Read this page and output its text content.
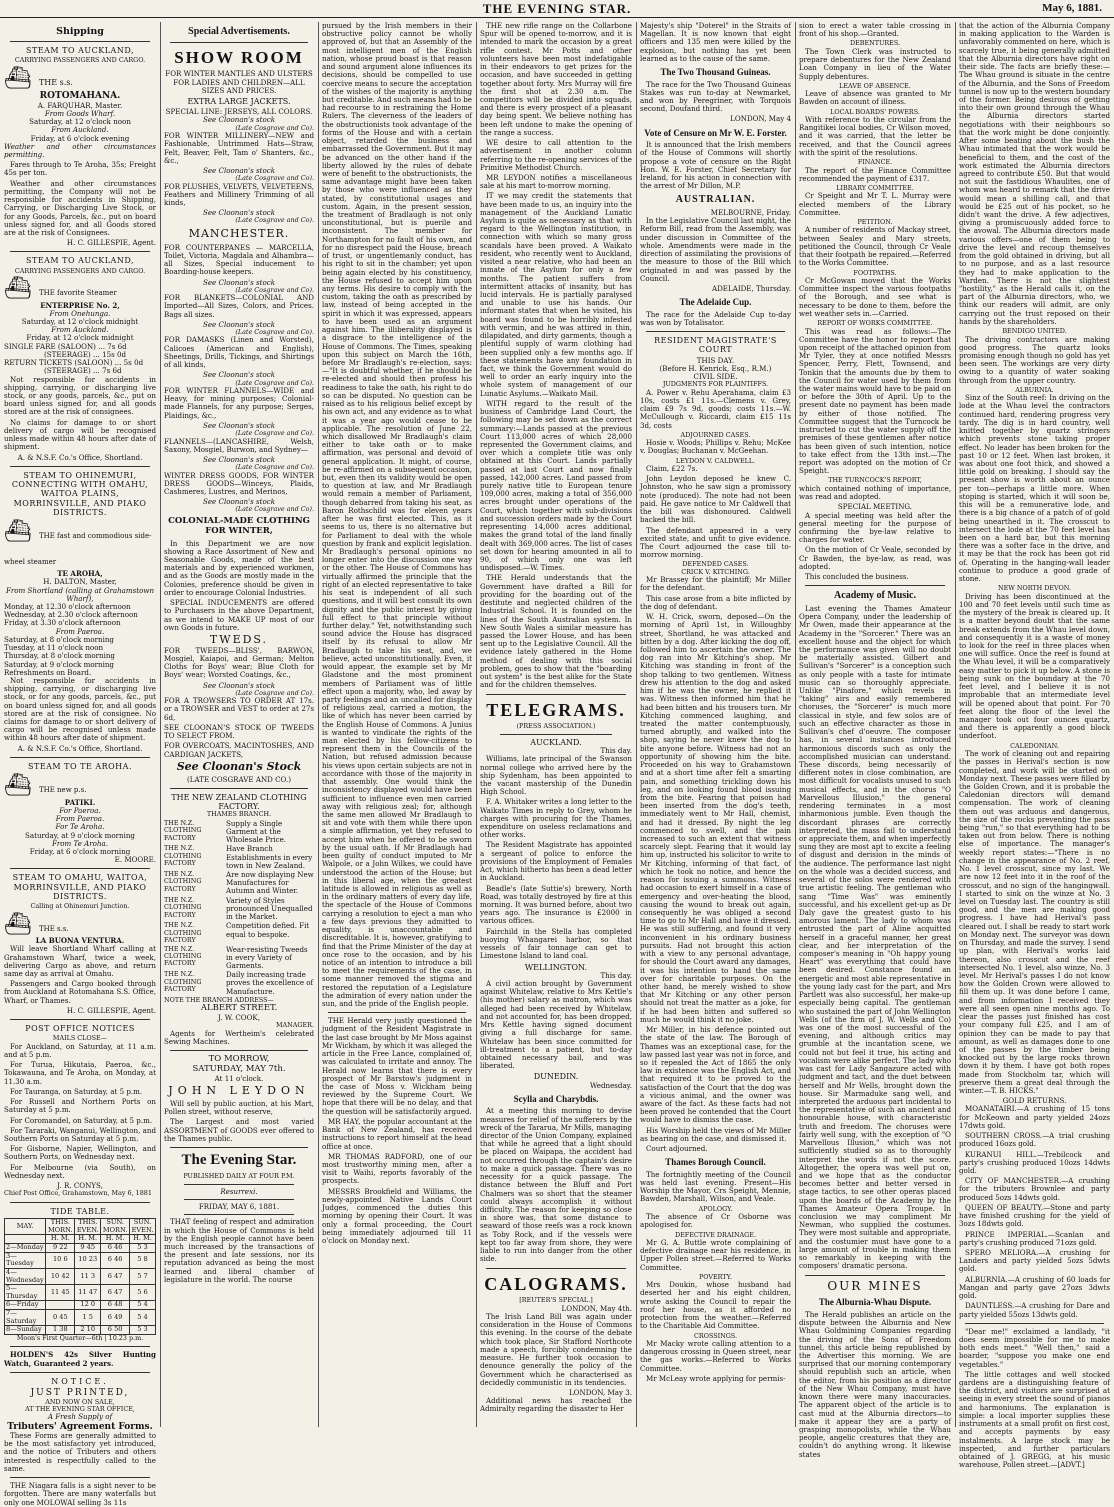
THE EVENING STAR.	May 6, 1881.
Shipping
STEAM TO AUCKLAND,
CARRYING PASSENGERS AND CARGO.
⛴ THE s.s.
ROTOMAHANA.
A. FARQUHAR, Master.
From Goods Wharf.
Saturday, at 12 o'clock noon
From Auckland.
Friday, at 6 o'clock evening

Weather and other circumstances permitting.

Fares through to Te Aroha, 35s; Freight 45s per ton.

Weather and other circumstances permitting, the Company will not be responsible for accidents in Shipping, Carrying, or Discharging Live Stock, or for any Goods, Parcels, &c., put on board unless signed for, and all Goods stored are at the risk of Consignees.

H. C. GILLESPIE, Agent.
STEAM TO AUCKLAND,
CARRYING PASSENGERS AND CARGO.
⛴ THE favorite Steamer
ENTERPRISE No. 2,
From Onehunga.
Saturday, at 12 o'clock midnight
From Auckland.
Friday, at 12 o'clock midnight
SINGLE FARE (SALOON) ... 7s 6d
(STEERAGE) ... 15s 0d
RETURN TICKETS (SALOON) ... 5s 0d
(STEERAGE) ... 7s 6d

Not responsible for accidents in shipping, carrying, or discharging live stock, or any goods, parcels, &c., put on board unless signed for, and all goods stored are at the risk of consignees.

No claims for damage to or short delivery of cargo will be recognised unless made within 48 hours after date of shipment.

A. & N.S.F. Co.'s Office, Shortland.
STEAM TO OHINEMURI, CONNECTING WITH OMAHU, WAITOA PLAINS, MORRINSVILLE, AND PIAKO DISTRICTS.
⛴ THE fast and commodious side-wheel steamer
TE AROHA,
H. DALTON, Master,
From Shortland (calling at Grahamstown Wharf),
Monday, at 12.30 o'clock afternoon
Wednesday, at 2.30 o'clock afternoon
Friday, at 3.30 o'clock afternoon
From Paeroa.
Saturday, at 8 o'clock morning
Tuesday, at 11 o'clock noon
Thursday, at 8 o'clock morning
Saturday, at 9 o'clock morning
Refreshments on Board.

Not responsible for accidents in shipping, carrying, or discharging live stock, or for any goods, parcels, &c., put on board unless signed for, and all goods stored are at the risk of consignee. No claims for damage to or short delivery of cargo will be recognised unless made within 48 hours after date of shipment.

A. & N.S.F. Co.'s Office, Shortland.
STEAM TO TE AROHA.
⛴ THE new p.s.
PATIKI.
For Paeroa.
From Paeroa.
For Te Aroha.
Saturday, at 9 o'clock morning
From Te Aroha.
Friday, at 6 o'clock morning
E. MOORE.
STEAM TO OMAHU, WAITOA, MORRINSVILLE, AND PIAKO DISTRICTS.
Calling at Ohinemuri Junction.
⛴ THE s.s.
LA BUONA VENTURA.

Will leave Shortland Wharf calling at Grahamstown Wharf, twice a week, delivering Cargo as above, and return same day as arrival at Omahu.

Passengers and Cargo booked through from Auckland at Rotomahana S.S. Office, Wharf, or Thames.

H. C. GILLESPIE, Agent.
POST OFFICE NOTICES
MAILS CLOSE—

For Auckland, on Saturday, at 11 a.m. and at 5 p.m.

For Turua, Hikutaia, Paeroa, &c., Tokawauna, and Te Aroha, on Monday, at 11.30 a.m.

For Tauranga, on Saturday, at 5 p.m.

For Russell and Northern Ports on Saturday at 5 p.m.

For Coromandel, on Saturday, at 5 p.m.

For Tararaki, Wanganui, Wellington, and Southern Ports on Saturday at 5 p.m.

For Gisborne, Napier, Wellington, and Southern Ports, on Wednesday next.

For Melbourne (via South), on Wednesday next.

J. R. CONYS,
Chief Post Office, Grahamstown, May 6, 1881
TIDE TABLE.
MAY.	THIS. MORN.	THIS. EVEN.	SUN. MORN.	SUN. EVEN.
	H. M.	H. M.	H. M.	H. M.
2—Monday	9 22	9 45	6 46	5 3
3—Tuesday	10 6	10 23	6 46	5 8
4—Wednesday	10 42	11 3	6 47	5 7
5—Thursday	11 45	11 47	6 47	5 6
6—Friday		12 0	6 48	5 4
7—Saturday	0 45	1 5	6 49	5 4
8—Sunday	1 38	2 10	6 50	5 3
Moon's First Quarter—6th | 10.23 p.m.

HOLDEN'S 42s Silver Hunting Watch, Guaranteed 2 years.

NOTICE.
JUST PRINTED,
AND NOW ON SALE,
AT THE EVENING STAR OFFICE,
A Fresh Supply of
Tributers' Agreement Forms.

These Forms are generally admitted to be the most satisfactory yet introduced, and the notice of Tributers and others interested is respectfully called to the same.

THE Niagara falls is a sight never to be forgotten. There are many waterfalls but only one MOLOWAI selling 3s 11s

Special Advertisements.
SHOW ROOM
FOR WINTER MANTLES AND ULSTERS FOR LADIES AND CHILDREN—ALL SIZES AND PRICES.
EXTRA LARGE JACKETS.
SPECIAL LINE: JERSEYS, ALL COLORS.
See Cloonan's stock
(Late Cosgrave and Co).

FOR WINTER MILLINERY—NEW and Fashionable, Untrimmed Hats—Straw, Felt, Beaver, Felt, Tam o' Shanters, &c., &c.,

See Cloonan's stock
(Late Cosgrave and Co).

FOR PLUSHES, VELVETS, VELVETEENS, Feathers and Millinery Trimming of all kinds,

See Cloonan's stock
(Late Cosgrave and Co).
MANCHESTER.

FOR COUNTERPANES — MARCELLA, Toilet, Victoria, Magdala and Alhambra—all Sizes, Special inducement to Boarding-house keepers.

See Cloonan's stock
(Late Cosgrave and Co).

FOR BLANKETS—COLONIAL AND Imported—All Sizes, Colors, and Prices. Bags all sizes.

See Cloonan's stock
(Late Cosgrave and Co).

FOR DAMASKS (Linen and Worsted), Calicoes (American and English), Sheetings, Drills, Tickings, and Shirtings of all kinds,

See Cloonan's stock
(Late Cosgrave and Co).

FOR WINTER FLANNELS—WIDE and Heavy, for mining purposes; Colonial-made Flannels, for any purpose; Serges, Plaidings, &c.,

See Cloonan's stock
(Late Cosgrave and Co).

FLANNELS—(LANCASHIRE, Welsh, Saxony, Mosgiel, Burwon, and Sydney—

See Cloonan's stock
(Late Cosgrave and Co).

WINTER DRESS GOODS, FOR WINTER DRESS GOODS—Winceys, Plaids, Cashmeres, Lustres, and Merinos,

See Cloonan's stock
(Late Cosgrave and Co).
COLONIAL-MADE CLOTHING FOR WINTER,

In this Department we are now showing a Race Assortment of New and Seasonable Goods, made of the best materials and by experienced workmen, and as the Goods are mostly made in the Colonies, preference should be given in order to encourage Colonial Industries.

SPECIAL INDUCEMENTS are offered to Purchasers in the above Department, as we intend to MAKE UP most of our own Goods in future.

TWEDS.

FOR TWEEDS—BLISS', BARWON, Mosgiel, Kaiapoi, and German; Melton Cloths for Boys' wear; Blue Cloth for Boys' wear; Worsted Coatings, &c.,

See Cloonan's stock
(Late Cosgrave and Co).

FOR A TROWSERS TO ORDER AT 17s. or a TROWSER and VEST to order at 27s 6d,

SEE CLOONAN'S STOCK OF TWEEDS TO SELECT FROM.

FOR OVERCOATS, MACINTOSHES, AND CARDIGAN JACKETS,

See Cloonan's Stock
(LATE COSGRAVE AND CO.)
THE NEW ZEALAND CLOTHING FACTORY.
THAMES BRANCH.
THE N.Z. CLOTHING FACTORY
Supply a Single Garment at the Wholesale Price.
THE N.Z. CLOTHING FACTORY
Have Branch Establishments in every town in New Zealand.
THE N.Z. CLOTHING FACTORY
Are now displaying New Manufactures for Autumn and Winter.
THE N.Z. CLOTHING FACTORY
Variety of Styles pronounced Unequalled in the Market.
THE N.Z. CLOTHING FACTORY
Competition defied. Fit equal to bespoke.
THE N.Z. CLOTHING FACTORY
Wear-resisting Tweeds in every Variety of Garments.
THE N.Z. CLOTHING FACTORY
Daily increasing trade proves the excellence of Manufacture.
NOTE THE BRANCH ADDRESS—
ALBERT STREET.
J. W. COOK,
MANAGER.

Agents for Wertheim's celebrated Sewing Machines.

TO MORROW,
SATURDAY, MAY 7th.
At 11 o'clock.
JOHN LEYDON

Will sell by public auction, at his Mart, Pollen street, without reserve,

The Largest and most varied ASSORTMENT of GOODS ever offered to the Thames public.

The Evening Star.
PUBLISHED DAILY AT FOUR P.M.
Resurrexi.
FRIDAY, MAY 6, 1881.

THAT feeling of respect and admiration in which the House of Commons is held by the English people cannot have been much increased by the transactions of the present and late sessions, nor its reputation advanced as being the most learned and liberal chamber of legislature in the world. The course

pursued by the Irish members in their obstructive policy cannot be wholly approved of, but that an Assembly of the most intelligent men of the English nation, whose proud boast is that reason and sound argument alone influences its decisions, should be compelled to use coercive means to secure the acceptation of the wishes of the majority is anything but creditable. And such means had to be had recourse to in restraining the Home Rulers. The cleverness of the leaders of the obstructionists took advantage of the forms of the House and with a certain object, retarded the business and embarrassed the Government. But it may be advanced on the other hand if the liberty allowed by the rules of debate were of benefit to the obstructionists, the same advantage might have been taken by those who were influenced as they stated, by constitutional usages and custom. Again, in the present session, the treatment of Bradlaugh is not only unconstitutional, but is puerile and inconsistent. The member for Northampton for no fault of his own, and for no disrespect paid the House, breach of trust, or ungentlemanly conduct, has his right to sit in the chamber; yet upon being again elected by his constituency, the House refused to accept him upon any terms. His desire to comply with the custom, taking the oath as prescribed by law, instead of being accepted in the spirit in which it was expressed, appears to have been used as an argument against him. The illiberality displayed is a disgrace to the intelligence of the House of Commons. The Times, speaking upon this subject on March the 16th, before Mr Bradlaugh's re-election, says:—"It is doubtful whether, if he should be re-elected and should then profess his readiness to take the oath, his right to do so can be disputed. No question can be raised as to his religious belief except by his own act, and any evidence as to what it was a year ago would cease to be applicable. The resolution of June 22, which disallowed Mr Bradlaugh's claim either to take oath or to make affirmation, was personal and devoid of general application. It might, of course, be re-affirmed on a subsequent occasion, but, even then its validity would be open to question at law, and Mr Bradlaugh would remain a member of Parliament, though debarred from taking his seat, as Baron Rothschild was for eleven years after he was first elected. This, as it seems to us, there is no alternative but for Parliament to deal with the whole question by frank and explicit legislation. Mr Bradlaugh's personal opinions no longer enter into the discussion one way or the other. The House of Commons has virtually affirmed the principle that the right of an elected representative to take his seat is independent of all such questions, and it will best consult its own dignity and the public interest by giving full effect to that principle without further delay." Yet, notwithstanding such sound advice the House has disgraced itself by its refusal to allow Mr Bradlaugh to take his seat, and, we believe, acted unconstitutionally. Even, it would appear, the example set by Mr Gladstone and the most prominent members of Parliament was of little effect upon a majority, who, led away by party feelings and an uncalled for display of religious zeal, carried a motion, the like of which has never been carried by the English House of Commons. A Junius is wanted to vindicate the rights of the man elected by his fellow-citizens to represent them in the Councils of the Nation, but refused admission because his views upon certain subjects are not in accordance with those of the majority in that assembly. One would think the inconsistency displayed would have been sufficient to influence even men carried away with religious zeal; for, although the same men allowed Mr Bradlaugh to sit and vote with them while there upon a simple affirmation, yet they refused to accept him when he offered to be sworn by the usual oath. If Mr Bradlaugh had been guilty of conduct imputed to Mr Walpole, or a John Wilkes, we could have understood the action of the House; but in this liberal age, when the greatest latitude is allowed in religious as well as in the ordinary matters of every day life, the spectacle of the House of Commons carrying a resolution to eject a man who a few days previous they admitted to equality, is unaccountable and discreditable. It is, however, gratifying to find that the Prime Minister of the day at once rose to the occasion, and by his notice of an intention to introduce a bill to meet the requirements of the case, in some manner removed the stigma and restored the reputation of a Legislature the admiration of every nation under the sun, and the pride of the English people.

THE Herald very justly questioned the judgment of the Resident Magistrate in the last case brought by Mr Moss against Mr Wickham, by which it was alleged the article in the Free Lance, complained of, was calculated to irritate and annoy. The Herald now learns that there is every prospect of Mr Barstow's judgment in the case of Moss v. Wickham being reviewed by the Supreme Court. We hope that there will be no delay, and that the question will be satisfactorily argued.

MR HAY, the popular accountant at the Bank of New Zealand, has received instructions to report himself at the head office at once.

MR THOMAS RADFORD, one of our most trustworthy mining men, after a visit to Waihi, reports favorably of the prospects.

MESSRS Brookfield and Williams, the newly-appointed Native Lands Court Judges, commenced the duties this morning by opening their Court. It was only a formal proceeding, the Court being immediately adjourned till 11 o'clock on Monday next.

THE new rifle range on the Collarbone Spur will be opened to-morrow, and it is intended to mark the occasion by a great rifle contest. Mr Potts and other volunteers have been most indefatigable in their endeavors to get prizes for the occasion, and have succeeded in getting together about forty. Mrs Murray will fire the first shot at 2.30 a.m. The competitors will be divided into squads, and there is every prospect of a pleasant day being spent. We believe nothing has been left undone to make the opening of the range a success.

WE desire to call attention to the advertisement in another column referring to the re-opening services of the Primitive Methodist Church.

MR LEYDON notifies a miscellaneous sale at his mart to-morrow morning.

IT we may credit the statements that have been made to us, an inquiry into the management of the Auckland Lunatic Asylum is quite as necessary as that with regard to the Wellington institution, in connection with which so many gross scandals have been proved. A Waikato resident, who recently went to Auckland, visited a near relative, who had been an inmate of the Asylum for only a few months. The patient suffers from intermittent attacks of insanity, but has lucid intervals. He is partially paralysed and unable to use his hands. Our informant states that when he visited, his board was found to be horribly infested with vermin, and he was attired in thin, dilapidated, and dirty garments, though a plentiful supply of warm clothing had been supplied only a few months ago. If these statements have any foundation in fact, we think the Government would do well to order an early inquiry into the whole system of management of our Lunatic Asylums.—Waikato Mail.

WITH regard to the result of the business of Cambridge Land Court, the following may be set down as the correct summary:—Lands passed at the previous Court 113,000 acres of which 28,000 represented the Government claims, and over which a complete title was only obtained at this Court. Lands partially passed at last Court and now finally passed, 142,000 acres. Land passed from purely native title to European tenure 109,000 acres, making a total of 356,000 acres brought under operations of the Court, which together with sub-divisions and succession orders made by the Court representing 14,000 acres additional, makes the grand total of the land finally dealt with 369,000 acres. The list of cases set down for hearing amounted in all to 90, of which only one was left undisposed.—W. Times.

THE Herald understands that the Government have drafted a Bill for providing for the boarding out of the destitute and neglected children of the Industrial School. It is founded on the lines of the South Australian system. In New South Wales a similar measure has passed the Lower House, and has been sent up to the Legislative Council. All the evidence lately gathered in the Home method of dealing with this social problem, goes to show that the "boarding out system" is the best alike for the State and for the children themselves.

TELEGRAMS.
(PRESS ASSOCIATION.)
AUCKLAND.
This day.

Williams, late principal of the Swanson normal college who arrived here by the ship Sydenham, has been appointed to the vacant mastership of the Dunedin High School.

F. A. Whitaker writes a long letter to the Waikato Times in reply to Grey, whom he charges with procuring for the Thames, expenditure on useless reclamations and other works.

The Resident Magistrate has appointed a sergeant of police to enforce the provisions of the Employment of Females Act, which hitherto has been a dead letter in Auckland.

Beadle's (late Suttie's) brewery, North Road, was totally destroyed by fire at this morning. It was burned before, about two years ago. The insurance is £2000 in various offices.

Fairchild in the Stella has completed buoying Whangarei harbor, so that vessels of fair tonnage can get to Limestone Island to land coal.

WELLINGTON.
This day.

A civil action brought by Government against Whitelaw, relative to Mrs Kettle's (his mother) salary as matron, which was alleged had been received by Whitelaw, and not accounted for, has been dropped, Mrs Kettle having signed document giving a full discharge for same. Whitelaw has been since committed for ill-treatment to a patient, but to-day obtained necessary bail, and was liberated.

DUNEDIN.
Wednesday.
Scylla and Charybdis.

At a meeting this morning to devise measures for relief of the sufferers by the wreck of the Tararua, Mr Mills, managing director of the Union Company, explained that while he agreed that a light should be placed on Waipapa, the accident had not occurred through the captain's desire to make a quick passage. There was no necessity for a quick passage. The distance between the Bluff and Port Chalmers was so short that the steamer could always accomplish it without difficulty. The reason for keeping so close in shore was, that some distance to seaward of those reefs was a rock known as Toby Rock, and if the vessels were kept too far away from shore, they were liable to run into danger from the other side.

CALOGRAMS.
[REUTER'S SPECIAL.]
LONDON, May 4th.

The Irish Land Bill was again under consideration in the House of Commons this evening. In the course of the debate which took place, Sir Stafford Northcote made a speech, forcibly condemning the measure. He further took occasion to denounce generally the policy of the Government which he characterised as decidedly communistic in its tendencies.

LONDON, May 3.

Additional news has reached the Admiralty regarding the disaster to Her

Majesty's ship "Doterel" in the Straits of Magellan. It is now known that eight officers and 135 men were killed by the explosion, but nothing has yet been learned as to the cause of the same.

The Two Thousand Guineas.

The race for the Two Thousand Guineas Stakes was run to-day at Newmarket, and won by Peregriner, with Torquois second, Doufand third.

LONDON, May 4
Vote of Censure on Mr W. E. Forster.

It is announced that the Irish members of the House of Commons will shortly propose a vote of censure on the Right Hon. W. E. Forster, Chief Secretary for Ireland, for his action in connection with the arrest of Mr Dillon, M.P.

AUSTRALIAN.
MELBOURNE, Friday.

In the Legislative Council last night, the Reform Bill, read from the Assembly, was under discussion in Committee of the whole. Amendments were made in the direction of assimilating the provisions of the measure to those of the Bill which originated in and was passed by the Council.

ADELAIDE, Thursday.
The Adelaide Cup.

The race for the Adelaide Cup to-day was won by Totalisator.

RESIDENT MAGISTRATE'S COURT
THIS DAY.
(Before H. Kenrick, Esq., R.M.)
CIVIL SIDE.
JUDGMENTS FOR PLAINTIFFS.

A. Power v. Rehu Aperahama, claim £3 10s, costs £1 11s.—Clemens v. Grey, claim £9 7s 9d, goods; costs 11s.—W. McCullough v. Riccardi, claim £15 11s 3d, costs

ADJOURNED CASES.

Hosie v. Woods; Phillips v. Rehu; McKee v. Douglas; Buchanan v. McGeehan.

LEYDON V. CALDWELL.

Claim, £22 7s.

John Leydon deposed he knew C. Johnston, who he saw sign a promissory note (produced). The note had not been paid. He gave notice to Mr Caldwell that the bill was dishonoured. Caldwell backed the bill.

The defendant appeared in a very excited state, and unfit to give evidence. The Court adjourned the case till to-morrow morning.

DEFENDED CASES.
CRICK V. KITCHING.

Mr Brassey for the plaintiff; Mr Miller for the defendant.

This case arose from a bite inflicted by the dog of defendant.

W. H. Crick, sworn, deposed—On the morning of April 1st, in Willoughby street, Shortland, he was attacked and bitten by a dog. After kicking the dog off, followed him to ascertain the owner. The dog ran into Mr Kitching's shop. Mr Kitching was standing in front of the shop talking to two gentlemen. Witness drew his attention to the dog and asked him if he was the owner, he replied it was. Witness then informed him that he had been bitten and his trousers torn. Mr Kitching commenced laughing, and treated the matter contemptuously, turned abruptly, and walked into the shop, saying he never knew the dog to bite anyone before. Witness had not an opportunity of showing him the bite. Proceeded on his way to Grahamstown and at a short time after felt a smarting pain, and something trickling down his leg, and on looking found blood issuing from the bite. Fearing that poison had been inserted from the dog's teeth, immediately went to Mr Hall, chemist, and had it dressed. By night the leg commenced to swell, and the pain increased to such an extent that witness scarcely slept. Fearing that it would lay him up, instructed his solicitor to write to Mr Kitching, informing of that fact, of which he took no notice, and hence the reason for issuing a summons. Witness had occasion to exert himself in a case of emergency and over-heating the blood, causing the wound to break out again, consequently he was obliged a second time to go to Mr Hall and have it dressed. He was still suffering, and found it very inconvenient in his ordinary business pursuits. Had not brought this action with a view to any personal advantage, for should the Court award any damages, it was his intention to hand the same over for charitable purposes. On the other hand, he merely wished to show that Mr Kitching or any other person should not treat the matter as a joke, for if he had been bitten and suffered so much he would think it no joke.

Mr Miller, in his defence pointed out the state of the law. The Borough of Thames was an exceptional case, for the law passed last year was not in force, and so it repealed the Act of 1865 the only law in existence was the English Act, and that required it to be proved to the satisfaction of the Court that the dog was a vicious animal, and the owner was aware of the fact. As these facts had not been proved he contended that the Court would have to dismiss the case.

His Worship held the views of Mr Miller as bearing on the case, and dismissed it.

Court adjourned.

Thames Borough Council.

The fortnightly meeting of the Council was held last evening. Present—His Worship the Mayor, Crs Speight, Mennie, Bawden, Marshall, Wilson, and Veale.

APOLOGY.

The absence of Cr Osborne was apologised for.

DEFECTIVE DRAINAGE.

Mr G. A. Buttle wrote complaining of defective drainage near his residence, in Upper Pollen street.—Referred to Works Committee.

POVERTY.

Mrs Doukin, whose husband had deserted her and his eight children, wrote asking the Council to repair the roof her house, as it afforded no protection from the weather.—Referred to the Charitable Aid Committee.

CROSSINGS.

Mr Macky wrote calling attention to a dangerous crossing in Queen street, near the gas works.—Referred to Works Committee.

Mr McLeay wrote applying for permis-

sion to erect a water table crossing in front of his shop.—Granted.

DEBENTURES.

The Town Clerk was instructed to prepare debentures for the New Zealand Loan Company in lieu of the Water Supply debentures.

LEAVE OF ABSENCE.

Leave of absence was granted to Mr Bawden on account of illness.

LOCAL BOARDS' POWERS.

With reference to the circular from the Rangitikei local bodies, Cr Wilson moved, and it was carried, that the letter be received, and that the Council agrees with the spirit of the resolutions.

FINANCE.

The report of the Finance Committee recommended the payment of £317.

LIBRARY COMMITTEE.

Cr Speight and Mr T. L. Murray were elected members of the Library Committee.

PETITION.

A number of residents of Mackay street, between Sealey and Mary streets, petitioned the Council, through Cr Veale that their footpath be repaired.—Referred to the Works Committee.

FOOTPATHS.

Cr McGowan moved that the Works Committee inspect the various footpaths of the Borough, and see what is necessary to be done to them, before the wet weather sets in.—Carried.

REPORT OF WORKS COMMITTEE.

This was read as follows:—The Committee have the honor to report that upon receipt of the attached opinion from Mr Tyler, they at once notified Messrs Spencer, Perry, Flett, Townsend, and Tonkin that the amounts due by them to the Council for water used by them from the water mains would have to be paid on or before the 30th of April. Up to the present date no payment has been made by either of those notified. The Committee suggest that the Turncock be instructed to cut the water supply off the premises of these gentlemen after notice has been given of such intention, notice to take effect from the 13th inst.—The report was adopted on the motion of Cr Speight.

THE TURNCOCK'S REPORT,

which contained nothing of importance, was read and adopted.

SPECIAL MEETING.

A special meeting was held after the general meeting for the purpose of confirming the bye-law relative to charges for water.

On the motion of Cr Veale, seconded by Cr Bawden, the bye-law, as read, was adopted.

This concluded the business.

Academy of Music.

Last evening the Thames Amateur Opera Company, under the leadership of Mr Owen, made their appearance at the Academy in the "Sorcerer." There was an excellent house and the object for which the performance was given will no doubt be materially assisted. Gilbert and Sullivan's "Sorcerer" is a conception such as only people with a taste for intimate music can so thoroughly appreciate. Unlike "Pinafore," which revels in "taking" airs and easily remembered choruses, the "Sorcerer" is much more classical in style, and few solos are of such an effective character as those in Sullivan's chef d'oeuvre. The composer has, in several instances introduced harmonious discords such as only the accomplished musician can understand. These discords, being necessarily of different notes in close combination, are most difficult for vocalists unused to such musical effects, and in the chorus "O Marvellous Illusion," the general rendering terminates in a most inharmonious jumble. Even though the discordant phrases are correctly interpreted, the mass fail to understand or appreciate them, and when imperfectly sung they are most apt to excite a feeling of disgust and derision in the minds of the audience. The performance last night on the whole was a decided success, and several of the solos were rendered with true artistic feeling. The gentleman who sang "Time Was" was eminently successful, and his excellent get-up as Dr Daly gave the greatest gusto to his amorous lament. The lady to whom was entrusted the part of Aline acquitted herself in a graceful manner, her great clear, and her interpretation of the composer's meaning in "Oh happy young Heart" was everything that could have been desired. Constance found an energetic and most able representative in the young lady cast for the part, and Mrs Partlett was also successful, her make-up especially being capital. The gentleman who sustained the part of John Wellington Wells (of the firm of J. W. Wells and Co) was one of the most successful of the evening, and although critics may grumble at the incantation scene, we could not but feel it true, his acting and vocalism were alike perfect. The lady who was cast for Lady Sangazure acted with judgment and tact, and the duet between herself and Mr Wells, brought down the house. Sir Marmaduke sang well, and interpreted the arduous part incidental to the representative of such an ancient and honourable house, with characteristic truth and freedom. The choruses were fairly well sung, with the exception of "O Marvellous Illusion," which was not sufficiently studied so as to thoroughly interpret the words if not the score. Altogether, the opera was well put on, and we hope that as the conductor becomes better and better versed in stage tactics, to see other operas placed upon the boards of the Academy by the Thames Amateur Opera Troupe. In conclusion we may compliment Mr Newman, who supplied the costumes. They were most suitable and appropriate, and the costumier must have gone to a large amount of trouble in making them so remarkably in keeping with the composers' dramatic persona.

OUR MINES
The Alburnia-Whau Dispute.

The Herald publishes an article on the dispute between the Alburnia and New Whau Goldmining Companies regarding the driving of the Sons of Freedom tunnel, this article being republished by the Advertiser this morning. We are surprised that our morning contemporary should republish such an article, when the editor, from his position as a director of the New Whau Company, must have known there were many inaccuracies. The apparent object of the article is to cast mud at the Alburnia directors—to make it appear they are a party of grasping monopolists, while the Whau people, angelic creatures that they are, couldn't do anything wrong. It likewise states

that the action of the Alburnia Company in making application to the Warden is unfavorably commented on here, which is scarcely true, it being generally admitted that the Alburnia directors have right on their side. The facts are briefly these:—The Whau ground is situate in the centre of the Alburnia, and the Sons of Freedom tunnel is now up to the western boundary of the former. Being desirous of getting into their own ground through the Whau the Alburnia directors started negotiations with their neighbours so that the work might be done conjointly. After some beating about the bush the Whau intimated that the work would be beneficial to them, and the cost of the work estimated the Alburnia directors agreed to contribute £50. But that would not suit the fastidious Whaulites, one of whom was heard to remark that the drive would mean a shilling call, and that would be £25 out of his pocket, so he didn't want the drive. A few adjectives, giving a promiscuously added force to the avowal. The Alburnia directors made various offers—one of them being to drive the level and recoup themselves from the gold obtained in driving, but all to no purpose, and as a last resource they had to make application to the Warden. There is not the slightest "hostility," as the Herald calls it, on the part of the Alburnia directors, who, we think our readers will admit, are only carrying out the trust reposed on their hands by the shareholders.

BENDIGO UNITED.

The driving contractors are making good progress. The quartz looks promising enough though no gold has yet been seen. The workings are very dirty owing to a quantity of water soaking through from the upper country.

ALBURNIA.

Sinz of the South reef: In driving on the lode at the Whau level the contractors continued hard, rendering progress very tardy. The dig is in hard country, well knitted together by quartz stringers which prevents stone taking proper effect. No leader has been broken for the past 10 or 12 feet. When last broken, it was about one foot thick, and showed a little gold on breaking. I should say the present show is worth about an ounce per ton—perhaps a little more. When stoping is started, which it will soon be, this will be a remunerative lode, and there is a big chance of a patch of of gold being unearthed in it. The crosscut to intersect the lode at the 70 feet level has been on a hard bar, but this morning there was a softer face in the drive, and it may be that the rock has been got rid of. Operating in the hanging-wall leader continue to produce a good grade of stone.

NEW NORTH DEVON.

Driving has been discontinued at the 100 and 70 feet levels until such time as the mystery of the break is cleared up. It is a matter beyond doubt that the same break extends from the Whau level down, and consequently it is a waste of money to look for the reef in three places when one will suffice. Once the reef is found at the Whau level, it will be a comparatively easy matter to pick it up below. A stone is being sunk on the boundary at the 70 feet level, and I believe it is not improbable that an intermediate level will be opened about that point. For 70 feet along the floor of the level the manager took out four ounces quartz, and there is apparently a good block underfoot.

CALEDONIAN.

The work of cleaning out and repairing the passes in Herival's section is now completed, and work will be started on Monday next. These passes were filled by the Golden Crown, and it is probable the Caledonian directors will demand compensation. The work of cleaning them out was arduous and dangerous, the size of the rocks preventing the pass being "run," so that everything had to be taken out from below. There is nothing else of importance. The manager's weekly report states:—"There is no change in the appearance of No. 2 reef, No. 1 level crosscut, since my last. We are now 12 feet into it in the roof of the crosscut, and no sign of the hangingwall. I started to sink on the winze at No. 3 level on Tuesday last. The country is still good, and the men are making good progress. I have had Herival's pass cleared out. I shall be ready to start work on Monday next. The surveyor was down on Thursday, and made the survey. I send up plan, with Herival's works laid thereon, also crosscut and the reef intersected No. 1 level, also winze, No. 3 level. Mr Herival's passes I do not know how the Golden Crown were allowed to fill them up. It was done before I came, and from information I received they were all seen open nine months ago. To clear the passes just finished has cost your company full £25, and I am of opinion they can be made to pay that amount, as well as damages done to one of the passes by the timber being knocked out by the large rocks thrown down it by them. I have got both ropes made from Stockholm tar, which will preserve them a great deal through the winter.—T. B. HICKS."

GOLD RETURNS.

MOANATAIRI.—A crushing of 15 tons for McKeown and party yielded 24ozs 17dwts gold.

SOUTHERN CROSS.—A trial crushing produced 16ozs gold.

KURANUI HILL.—Trebilcock and party's crushing produced 10ozs 14dwts gold.

CITY OF MANCHESTER.—A crushing for the tributers Brownlee and party produced 5ozs 14dwts gold.

QUEEN OF BEAUTY.—Stone and party have finished crushing for the yield of 3ozs 18dwts gold.

PRINCE IMPERIAL.—Scanlan and party's crushing produced 71ozs gold.

SPERO MELIORA.—A crushing for Landers and party yielded 5ozs 5dwts gold.

ALBURNIA.—A crushing of 60 loads for Mangan and party gave 27ozs 3dwts gold.

DAUNTLESS.—A crushing for Dare and party yielded 55ozs 13dwts gold.

"Dear me!" exclaimed a landlady, "it does seem impossible for me to make both ends meet." "Well then," said a boarder, "suppose you make one end vegetables."

The little cottages and well stocked gardens are a distinguishing feature of the district, and visitors are surprised at seeing in every street the sound of pianos and harmoniums. The explanation is simple: a local importer supplies these instruments at a small profit on first cost, and accepts payments by easy instalments. A large stock may be inspected, and further particulars obtained of J. GREGG, at his music warehouse, Pollen street.—[ADVT.]
